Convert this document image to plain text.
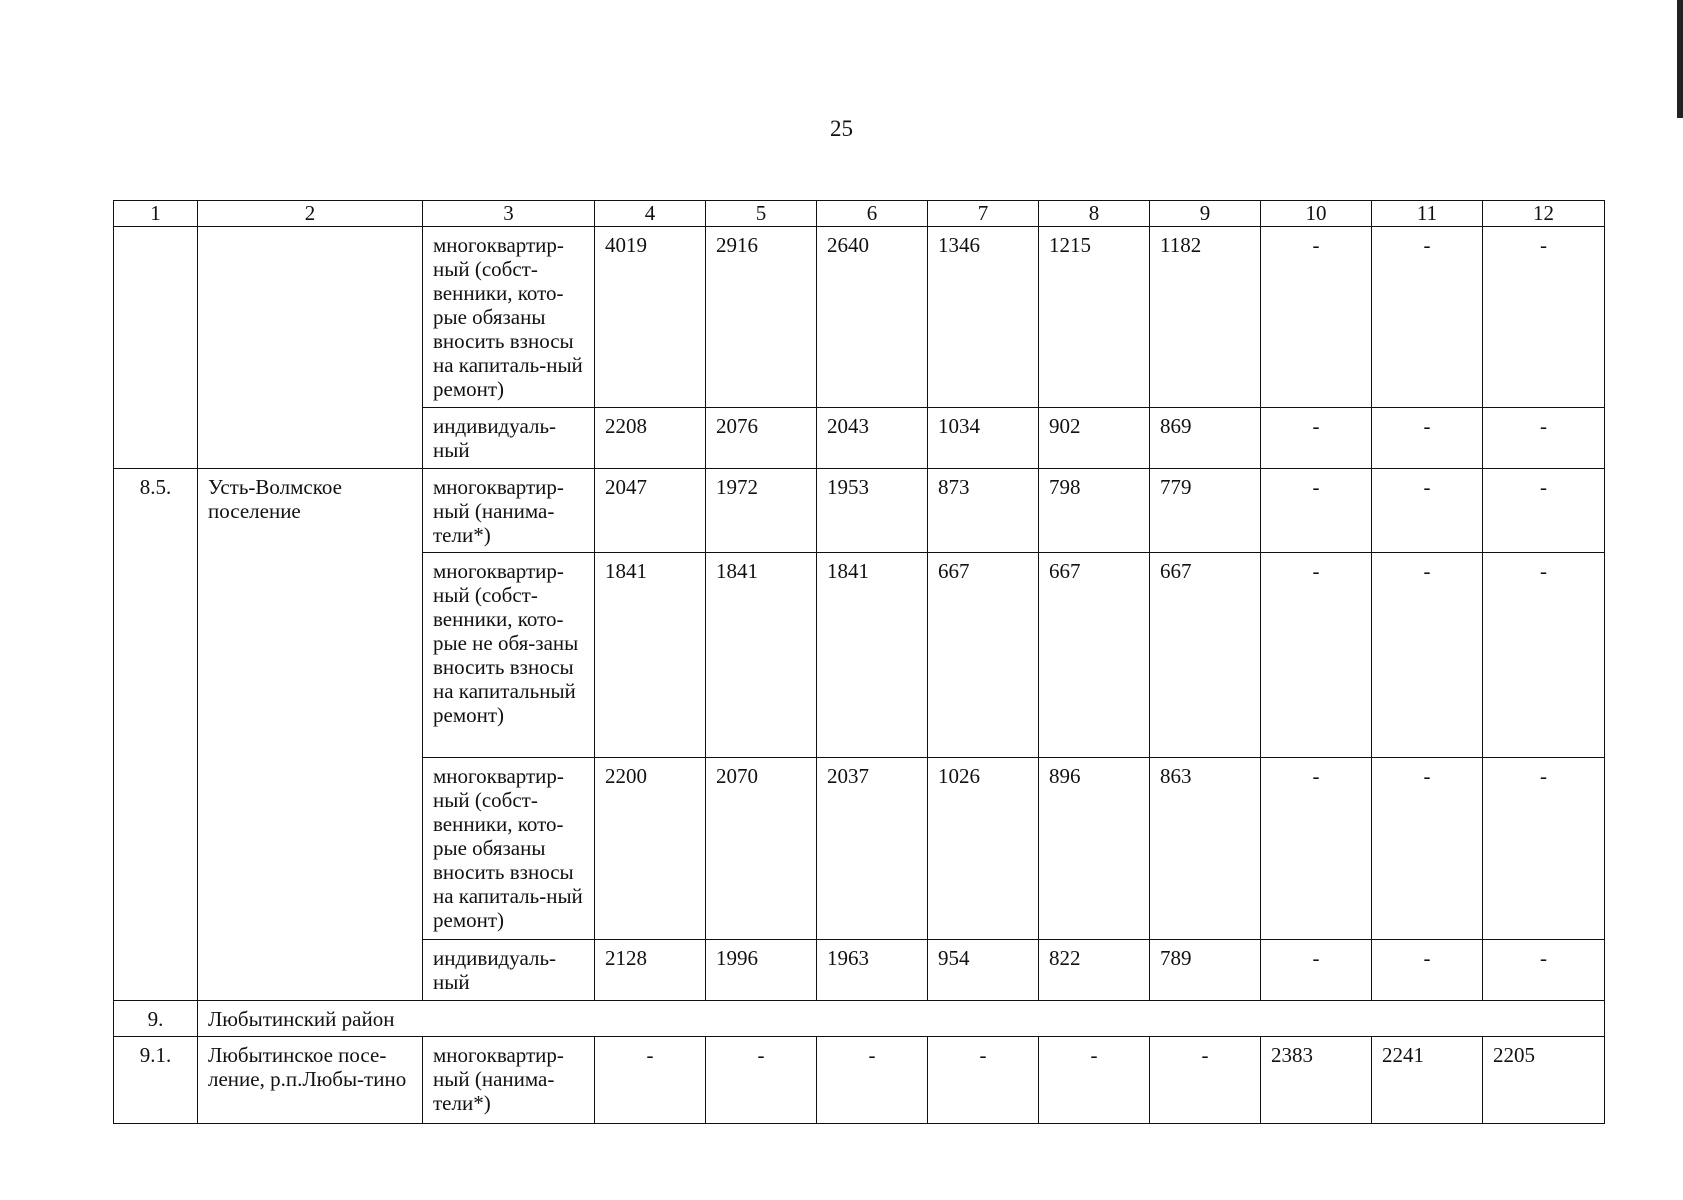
25
1	2	3	4	5	6	7	8	9	10	11	12
		многоквартир-ный (собст-венники, кото-рые обязаны вносить взносы на капиталь-ный ремонт)	4019	2916	2640	1346	1215	1182	-	-	-
		индивидуаль-ный	2208	2076	2043	1034	902	869	-	-	-
8.5.	Усть-Волмское поселение	многоквартир-ный (нанима-тели*)	2047	1972	1953	873	798	779	-	-	-
		многоквартир-ный (собст-венники, кото-рые не обя-заны вносить взносы на капитальный ремонт)	1841	1841	1841	667	667	667	-	-	-
		многоквартир-ный (собст-венники, кото-рые обязаны вносить взносы на капиталь-ный ремонт)	2200	2070	2037	1026	896	863	-	-	-
		индивидуаль-ный	2128	1996	1963	954	822	789	-	-	-
9.	Любытинский район										
9.1.	Любытинское посе-ление, р.п.Любы-тино	многоквартир-ный (нанима-тели*)	-	-	-	-	-	-	2383	2241	2205
